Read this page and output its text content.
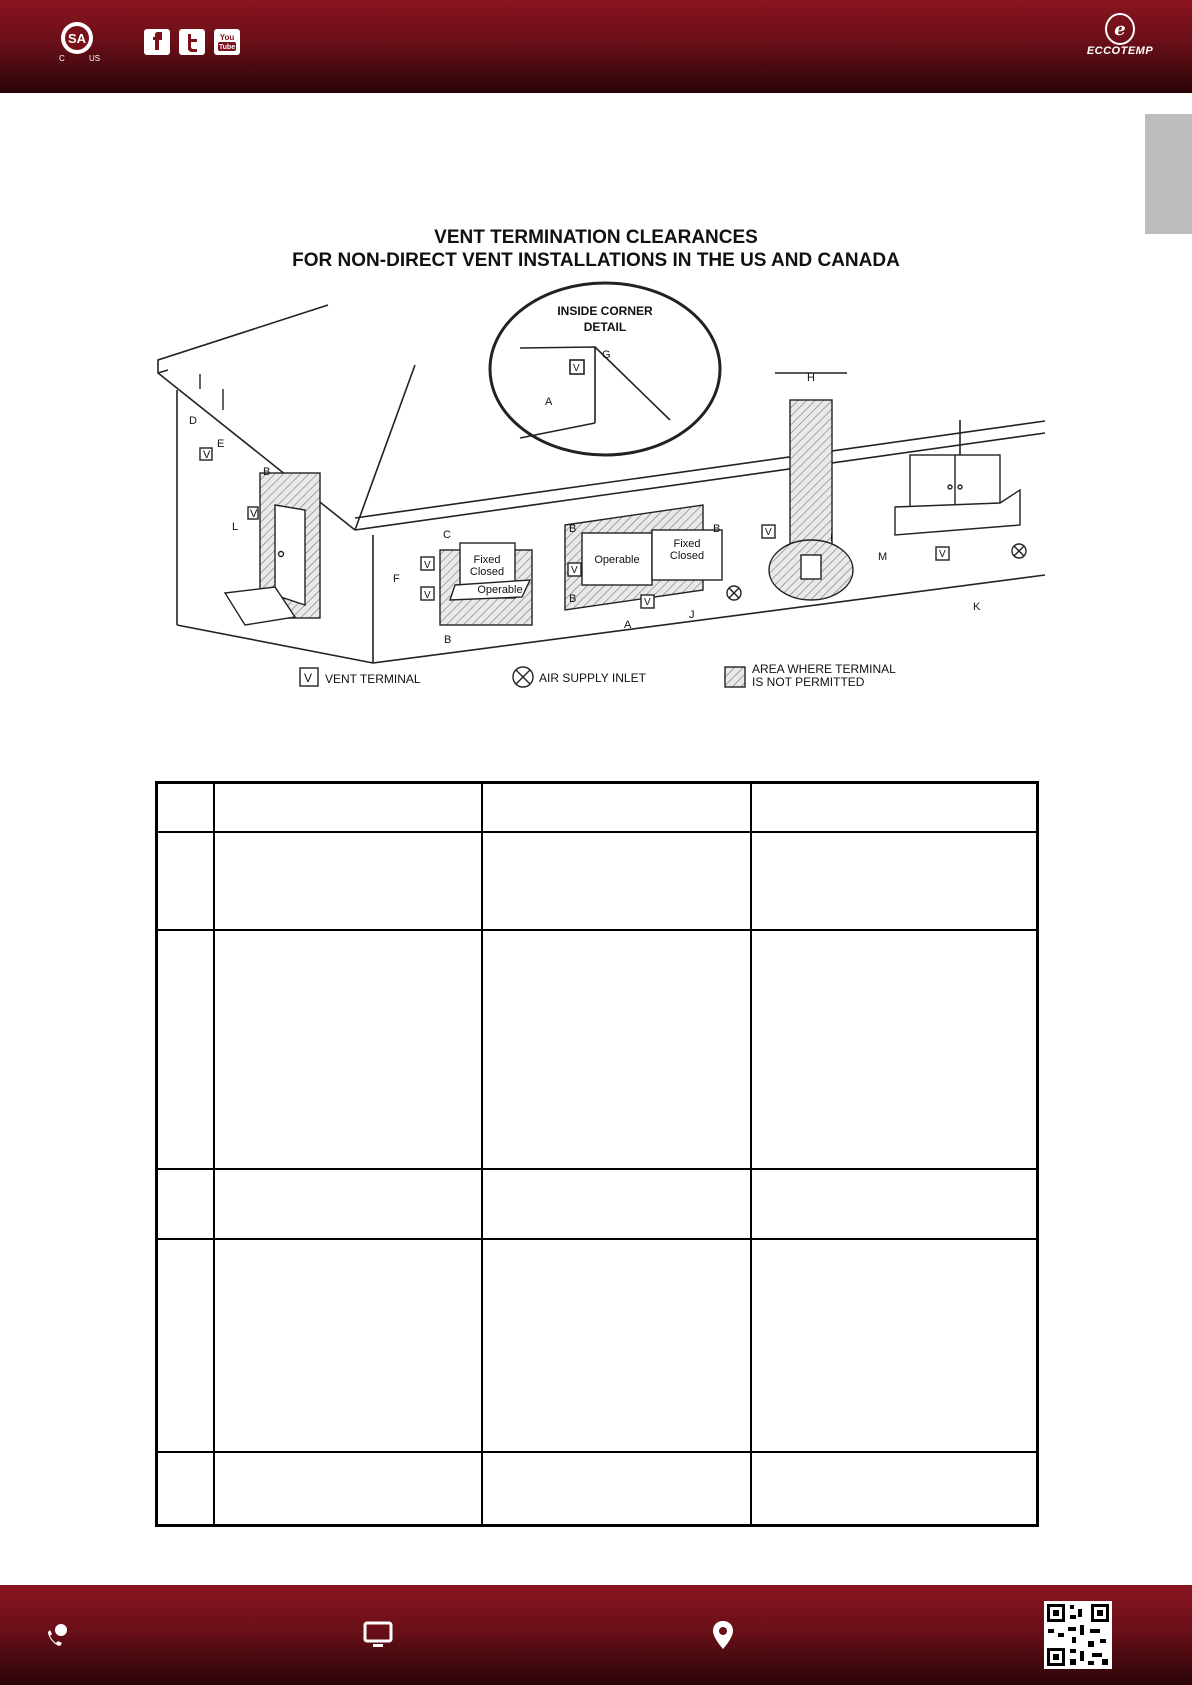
SA
C	US
You
Tube
e
ECCOTEMP
VENT TERMINATION CLEARANCES
FOR NON-DIRECT VENT INSTALLATIONS IN THE US AND CANADA
D
E
V
B
L
V
INSIDE CORNER
DETAIL
G
A
V
Fixed
Closed
Operable
C
F
B
V
V
Operable
Fixed
Closed
B
B
B
A
J
V
V
V
H
I
M
K
V
V VENT TERMINAL	AIR SUPPLY INLET
AREA WHERE TERMINAL
IS NOT PERMITTED
